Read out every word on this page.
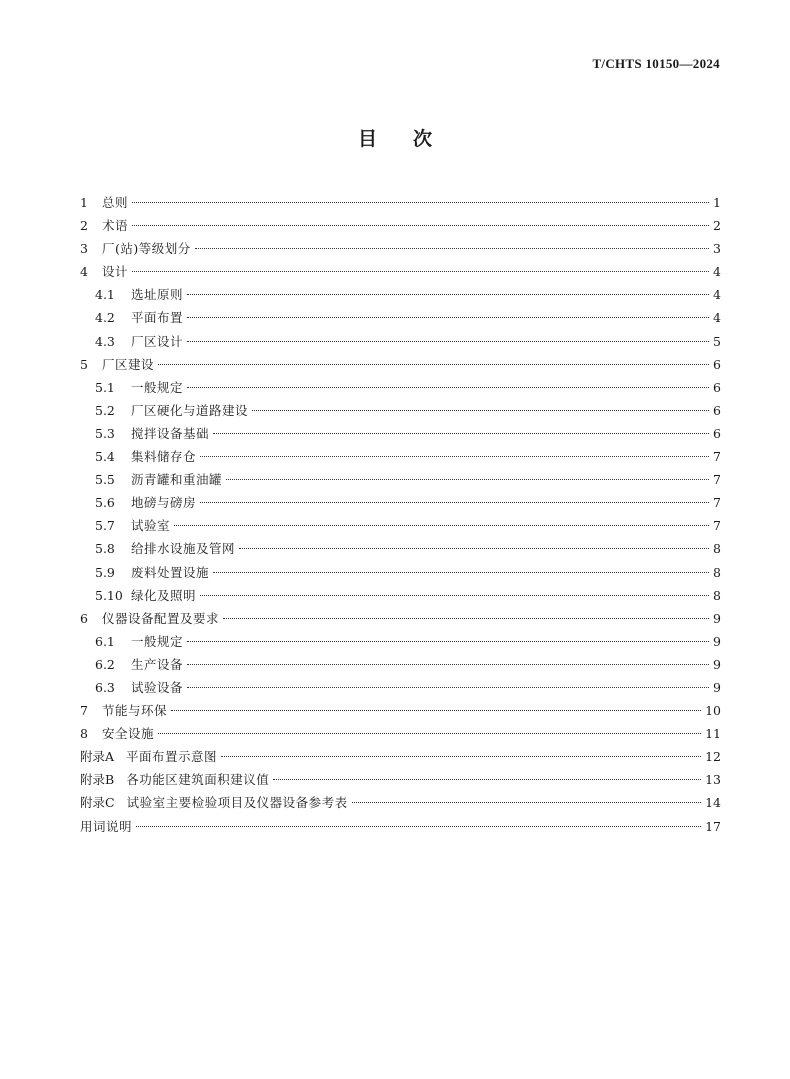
T/CHTS 10150—2024
目次
1	总则	1
2	术语	2
3	厂(站)等级划分	3
4	设计	4
4.1	选址原则	4
4.2	平面布置	4
4.3	厂区设计	5
5	厂区建设	6
5.1	一般规定	6
5.2	厂区硬化与道路建设	6
5.3	搅拌设备基础	6
5.4	集料储存仓	7
5.5	沥青罐和重油罐	7
5.6	地磅与磅房	7
5.7	试验室	7
5.8	给排水设施及管网	8
5.9	废料处置设施	8
5.10 绿化及照明	8
6	仪器设备配置及要求	9
6.1	一般规定	9
6.2	生产设备	9
6.3	试验设备	9
7	节能与环保	10
8	安全设施	11
附录A 平面布置示意图	12
附录B 各功能区建筑面积建议值	13
附录C 试验室主要检验项目及仪器设备参考表	14
用词说明	17
